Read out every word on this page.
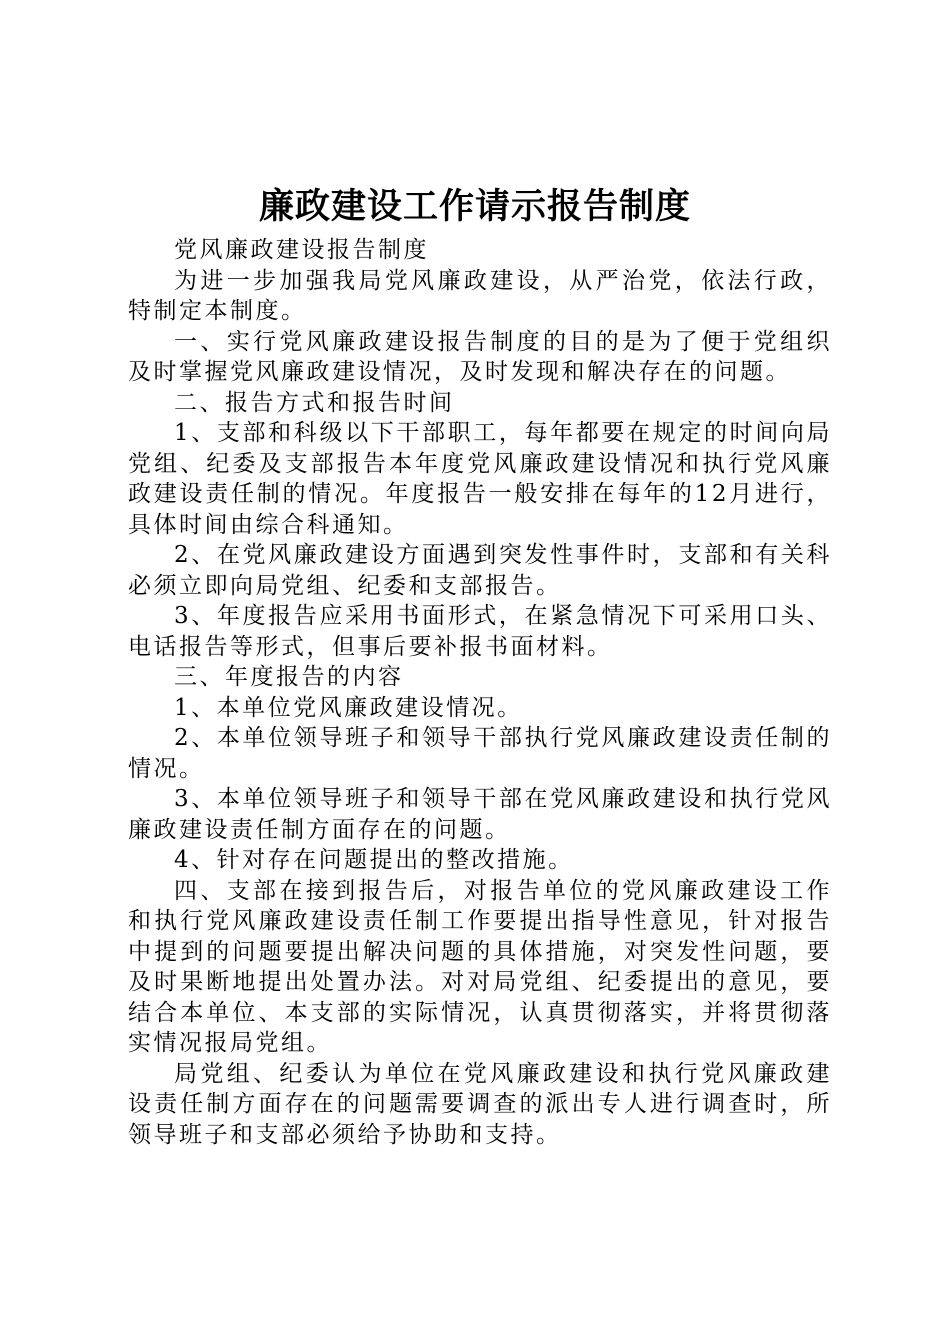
廉政建设工作请示报告制度

党风廉政建设报告制度

为进一步加强我局党风廉政建设，从严治党，依法行政，特制定本制度。

一、实行党风廉政建设报告制度的目的是为了便于党组织及时掌握党风廉政建设情况，及时发现和解决存在的问题。

二、报告方式和报告时间

1、支部和科级以下干部职工，每年都要在规定的时间向局党组、纪委及支部报告本年度党风廉政建设情况和执行党风廉政建设责任制的情况。年度报告一般安排在每年的12月进行，具体时间由综合科通知。

2、在党风廉政建设方面遇到突发性事件时，支部和有关科必须立即向局党组、纪委和支部报告。

3、年度报告应采用书面形式，在紧急情况下可采用口头、电话报告等形式，但事后要补报书面材料。

三、年度报告的内容

1、本单位党风廉政建设情况。

2、本单位领导班子和领导干部执行党风廉政建设责任制的情况。

3、本单位领导班子和领导干部在党风廉政建设和执行党风廉政建设责任制方面存在的问题。

4、针对存在问题提出的整改措施。

四、支部在接到报告后，对报告单位的党风廉政建设工作和执行党风廉政建设责任制工作要提出指导性意见，针对报告中提到的问题要提出解决问题的具体措施，对突发性问题，要及时果断地提出处置办法。对对局党组、纪委提出的意见，要结合本单位、本支部的实际情况，认真贯彻落实，并将贯彻落实情况报局党组。

局党组、纪委认为单位在党风廉政建设和执行党风廉政建设责任制方面存在的问题需要调查的派出专人进行调查时，所领导班子和支部必须给予协助和支持。
